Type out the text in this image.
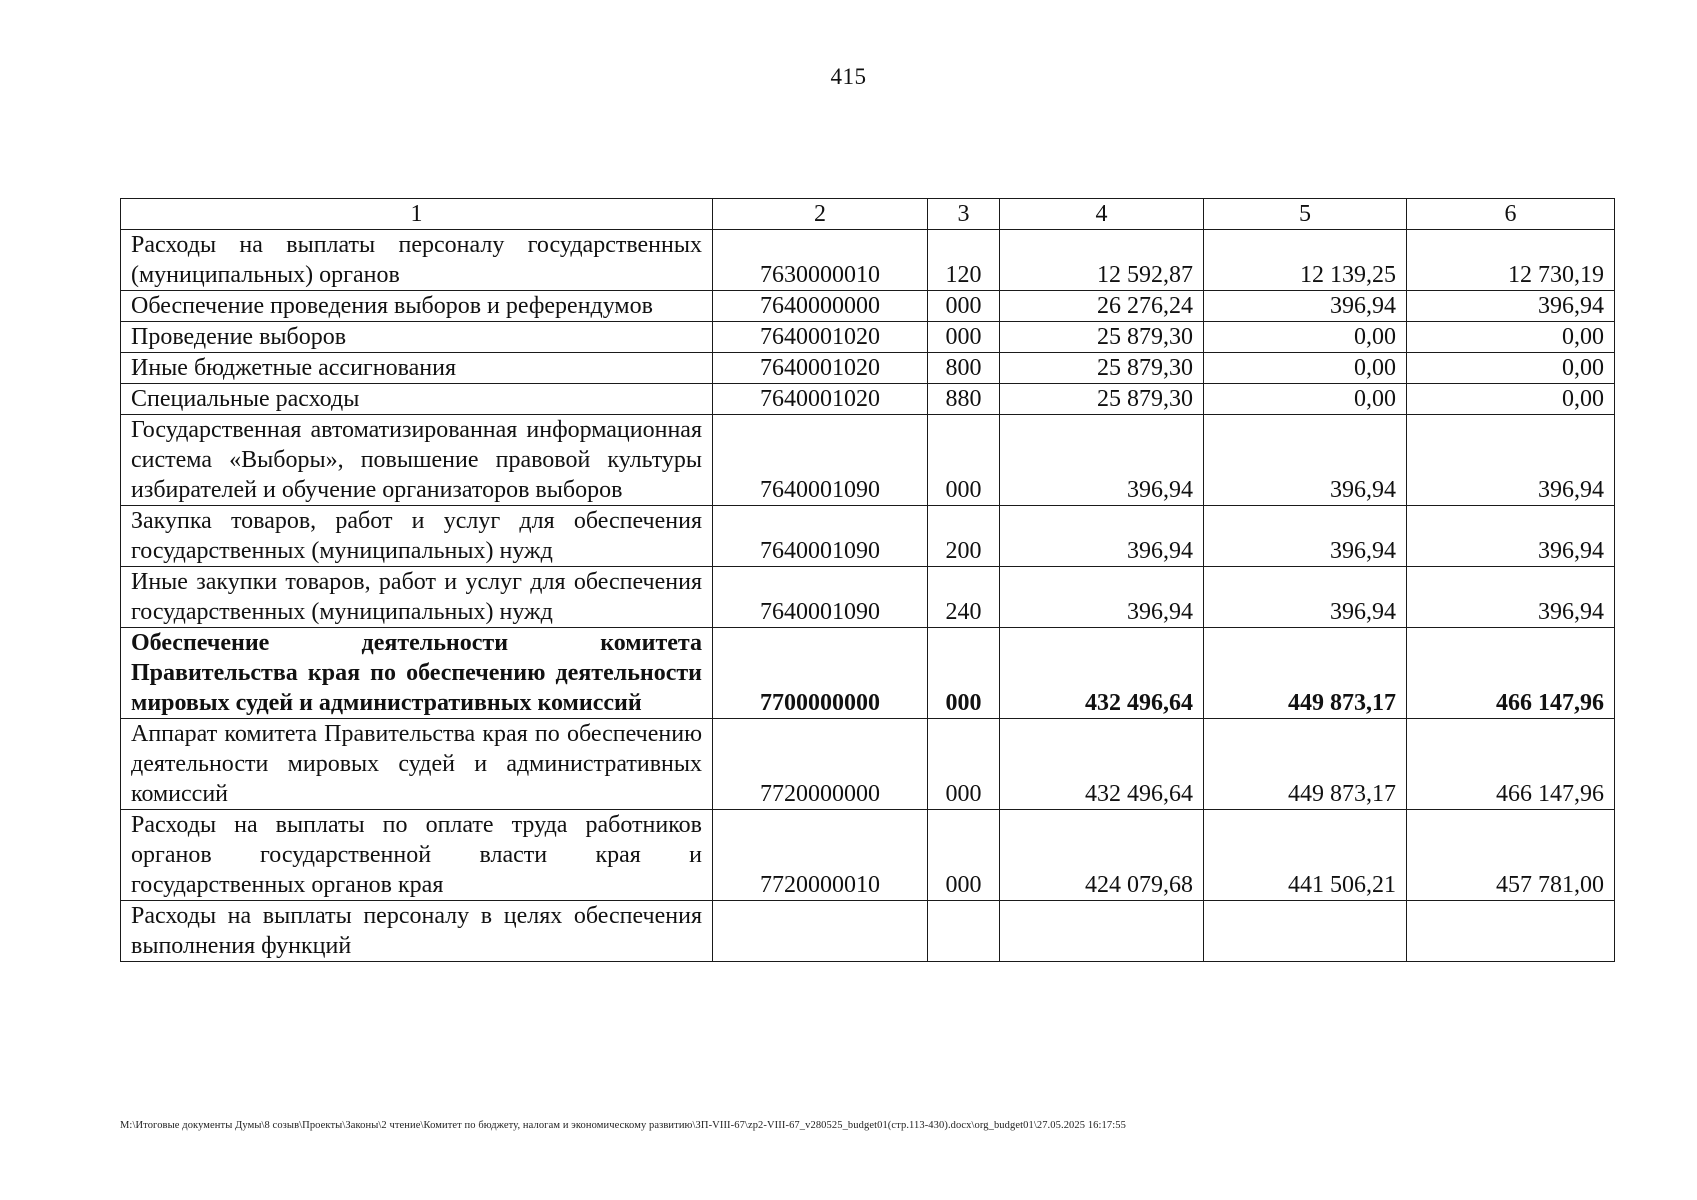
415
1	2	3	4	5	6
Расходы на выплаты персоналу государственных (муниципальных) органов	7630000010	120	12 592,87	12 139,25	12 730,19
Обеспечение проведения выборов и референдумов	7640000000	000	26 276,24	396,94	396,94
Проведение выборов	7640001020	000	25 879,30	0,00	0,00
Иные бюджетные ассигнования	7640001020	800	25 879,30	0,00	0,00
Специальные расходы	7640001020	880	25 879,30	0,00	0,00
Государственная автоматизированная информационная система «Выборы», повышение правовой культуры избирателей и обучение организаторов выборов	7640001090	000	396,94	396,94	396,94
Закупка товаров, работ и услуг для обеспечения государственных (муниципальных) нужд	7640001090	200	396,94	396,94	396,94
Иные закупки товаров, работ и услуг для обеспечения государственных (муниципальных) нужд	7640001090	240	396,94	396,94	396,94
Обеспечение деятельности комитета Правительства края по обеспечению деятельности мировых судей и административных комиссий	7700000000	000	432 496,64	449 873,17	466 147,96
Аппарат комитета Правительства края по обеспечению деятельности мировых судей и административных комиссий	7720000000	000	432 496,64	449 873,17	466 147,96
Расходы на выплаты по оплате труда работников органов государственной власти края и государственных органов края	7720000010	000	424 079,68	441 506,21	457 781,00
Расходы на выплаты персоналу в целях обеспечения выполнения функций					
M:\Итоговые документы Думы\8 созыв\Проекты\Законы\2 чтение\Комитет по бюджету, налогам и экономическому развитию\ЗП-VIII-67\zp2-VIII-67_v280525_budget01(стр.113-430).docx\org_budget01\27.05.2025 16:17:55
